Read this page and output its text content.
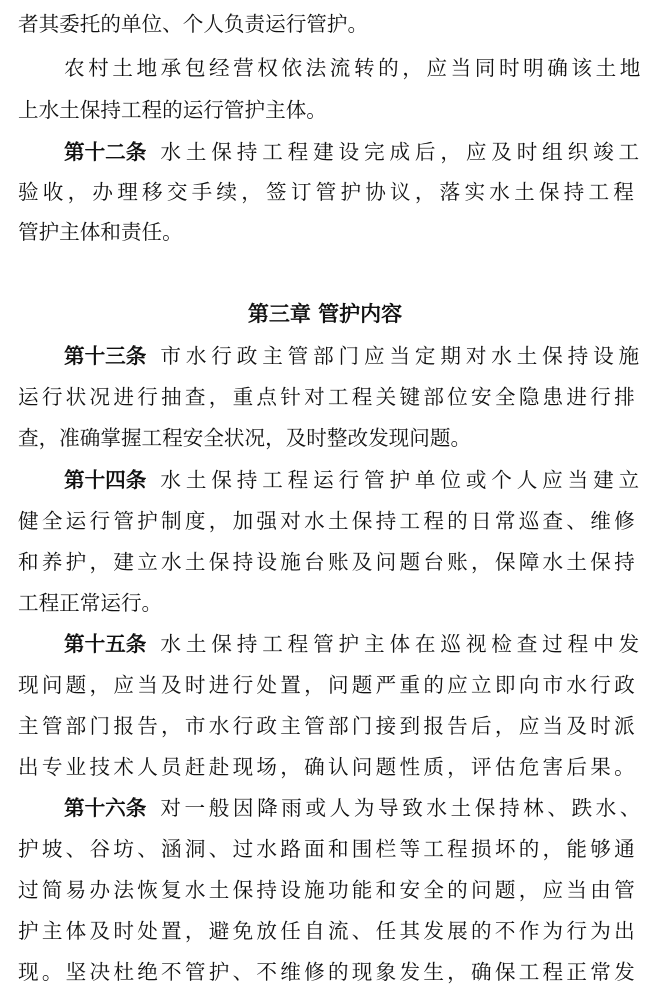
者其委托的单位、个人负责运行管护。
农村土地承包经营权依法流转的，应当同时明确该土地
上水土保持工程的运行管护主体。
第十二条 水土保持工程建设完成后，应及时组织竣工
验收，办理移交手续，签订管护协议，落实水土保持工程
管护主体和责任。
第三章 管护内容
第十三条 市水行政主管部门应当定期对水土保持设施
运行状况进行抽查，重点针对工程关键部位安全隐患进行排
查，准确掌握工程安全状况，及时整改发现问题。
第十四条 水土保持工程运行管护单位或个人应当建立
健全运行管护制度，加强对水土保持工程的日常巡查、维修
和养护，建立水土保持设施台账及问题台账，保障水土保持
工程正常运行。
第十五条 水土保持工程管护主体在巡视检查过程中发
现问题，应当及时进行处置，问题严重的应立即向市水行政
主管部门报告，市水行政主管部门接到报告后，应当及时派
出专业技术人员赶赴现场，确认问题性质，评估危害后果。
第十六条 对一般因降雨或人为导致水土保持林、跌水、
护坡、谷坊、涵洞、过水路面和围栏等工程损坏的，能够通
过简易办法恢复水土保持设施功能和安全的问题，应当由管
护主体及时处置，避免放任自流、任其发展的不作为行为出
现。坚决杜绝不管护、不维修的现象发生，确保工程正常发
